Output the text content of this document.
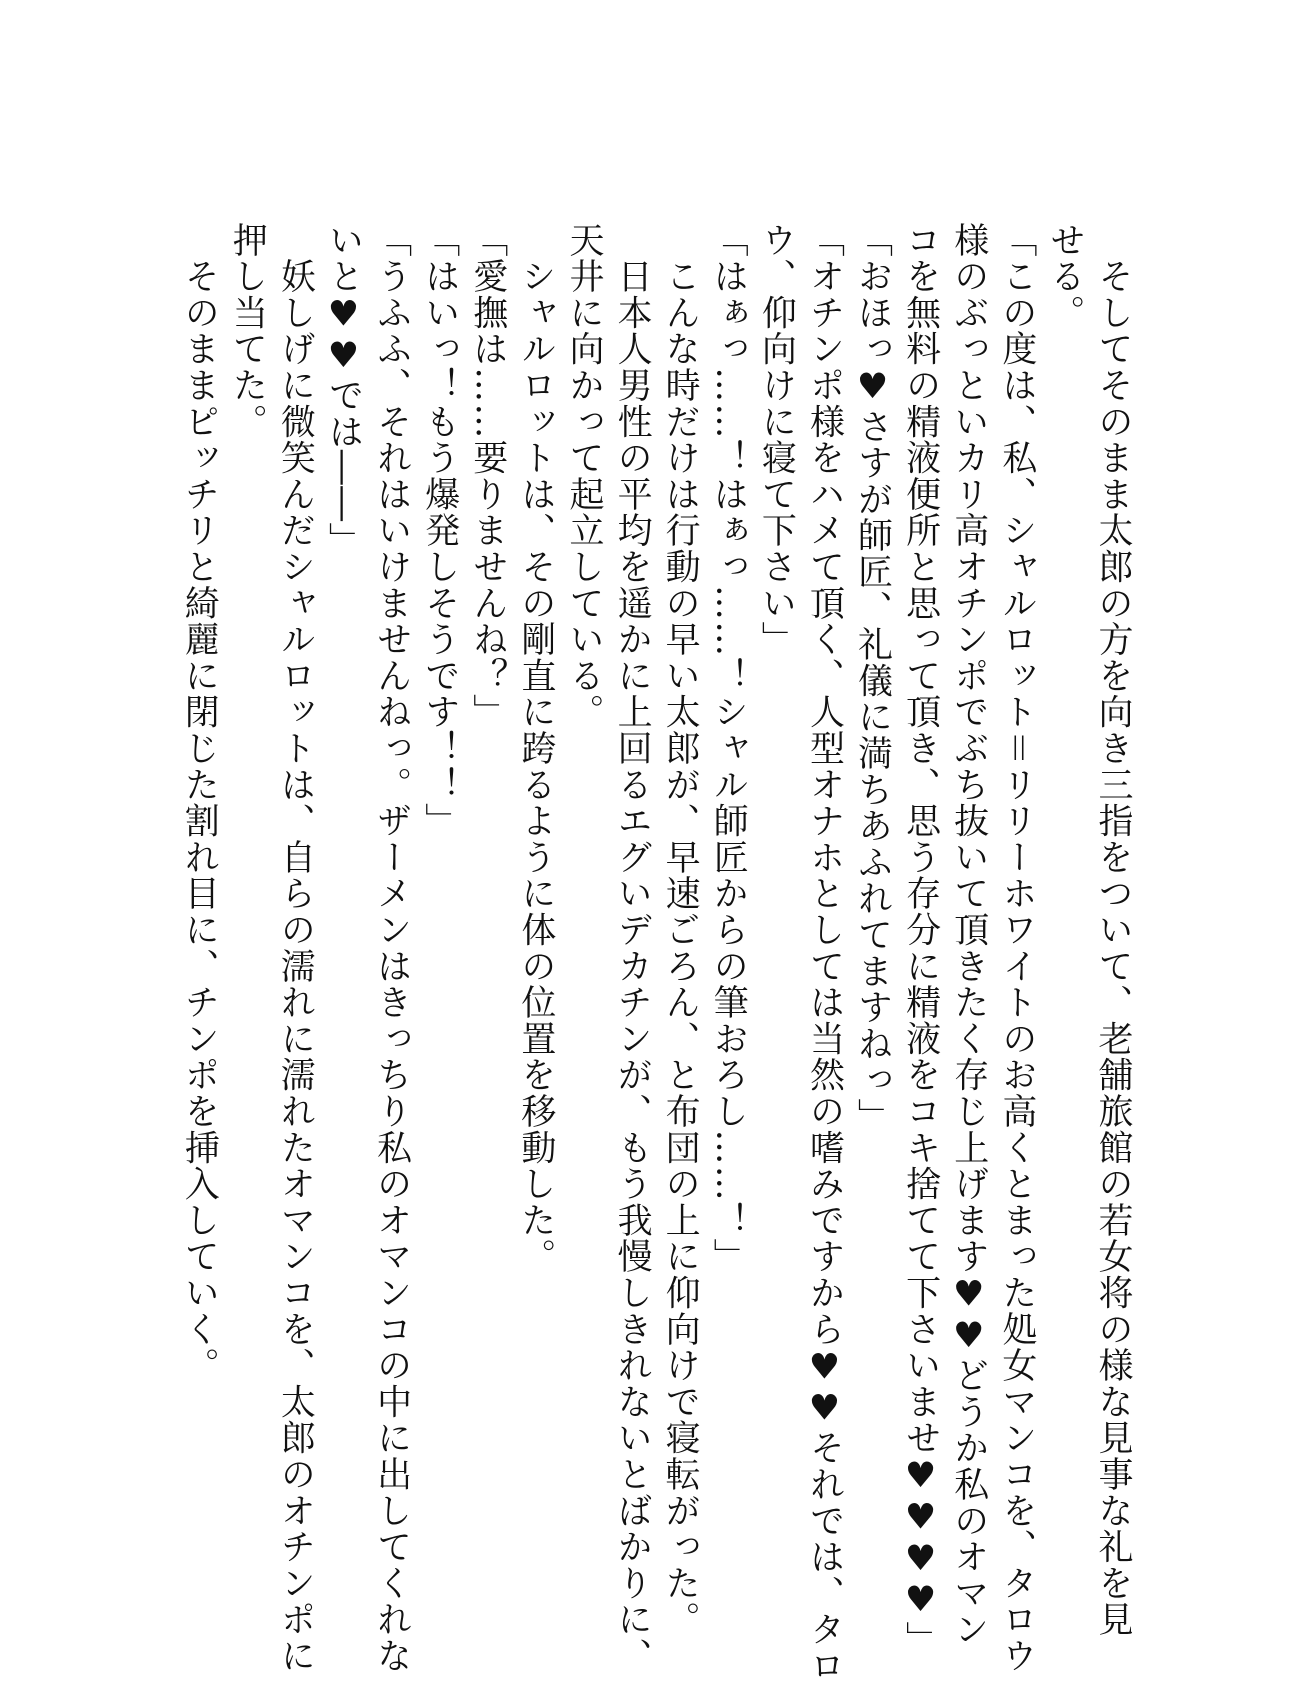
　そしてそのまま太郎の方を向き三指をついて、老舗旅館の若女将の様な見事な礼を見
せる。
「この度は、私、シャルロット＝リリーホワイトのお高くとまった処女マンコを、タロウ
様のぶっといカリ高オチンポでぶち抜いて頂きたく存じ上げます♥♥どうか私のオマン
コを無料の精液便所と思って頂き、思う存分に精液をコキ捨てて下さいませ♥♥♥♥」
「おほっ♥さすが師匠、礼儀に満ちあふれてますねっ」
「オチンポ様をハメて頂く、人型オナホとしては当然の嗜みですから♥♥それでは、タロ
ウ、仰向けに寝て下さい」
「はぁっ……！はぁっ……！シャル師匠からの筆おろし……！」
　こんな時だけは行動の早い太郎が、早速ごろん、と布団の上に仰向けで寝転がった。
　日本人男性の平均を遥かに上回るエグいデカチンが、もう我慢しきれないとばかりに、
天井に向かって起立している。
　シャルロットは、その剛直に跨るように体の位置を移動した。
「愛撫は……要りませんね？」
「はいっ！もう爆発しそうです！！」
「うふふ、それはいけませんねっ。ザーメンはきっちり私のオマンコの中に出してくれな
いと♥♥では――」
　妖しげに微笑んだシャルロットは、自らの濡れに濡れたオマンコを、太郎のオチンポに
押し当てた。
　そのままピッチリと綺麗に閉じた割れ目に、チンポを挿入していく。
